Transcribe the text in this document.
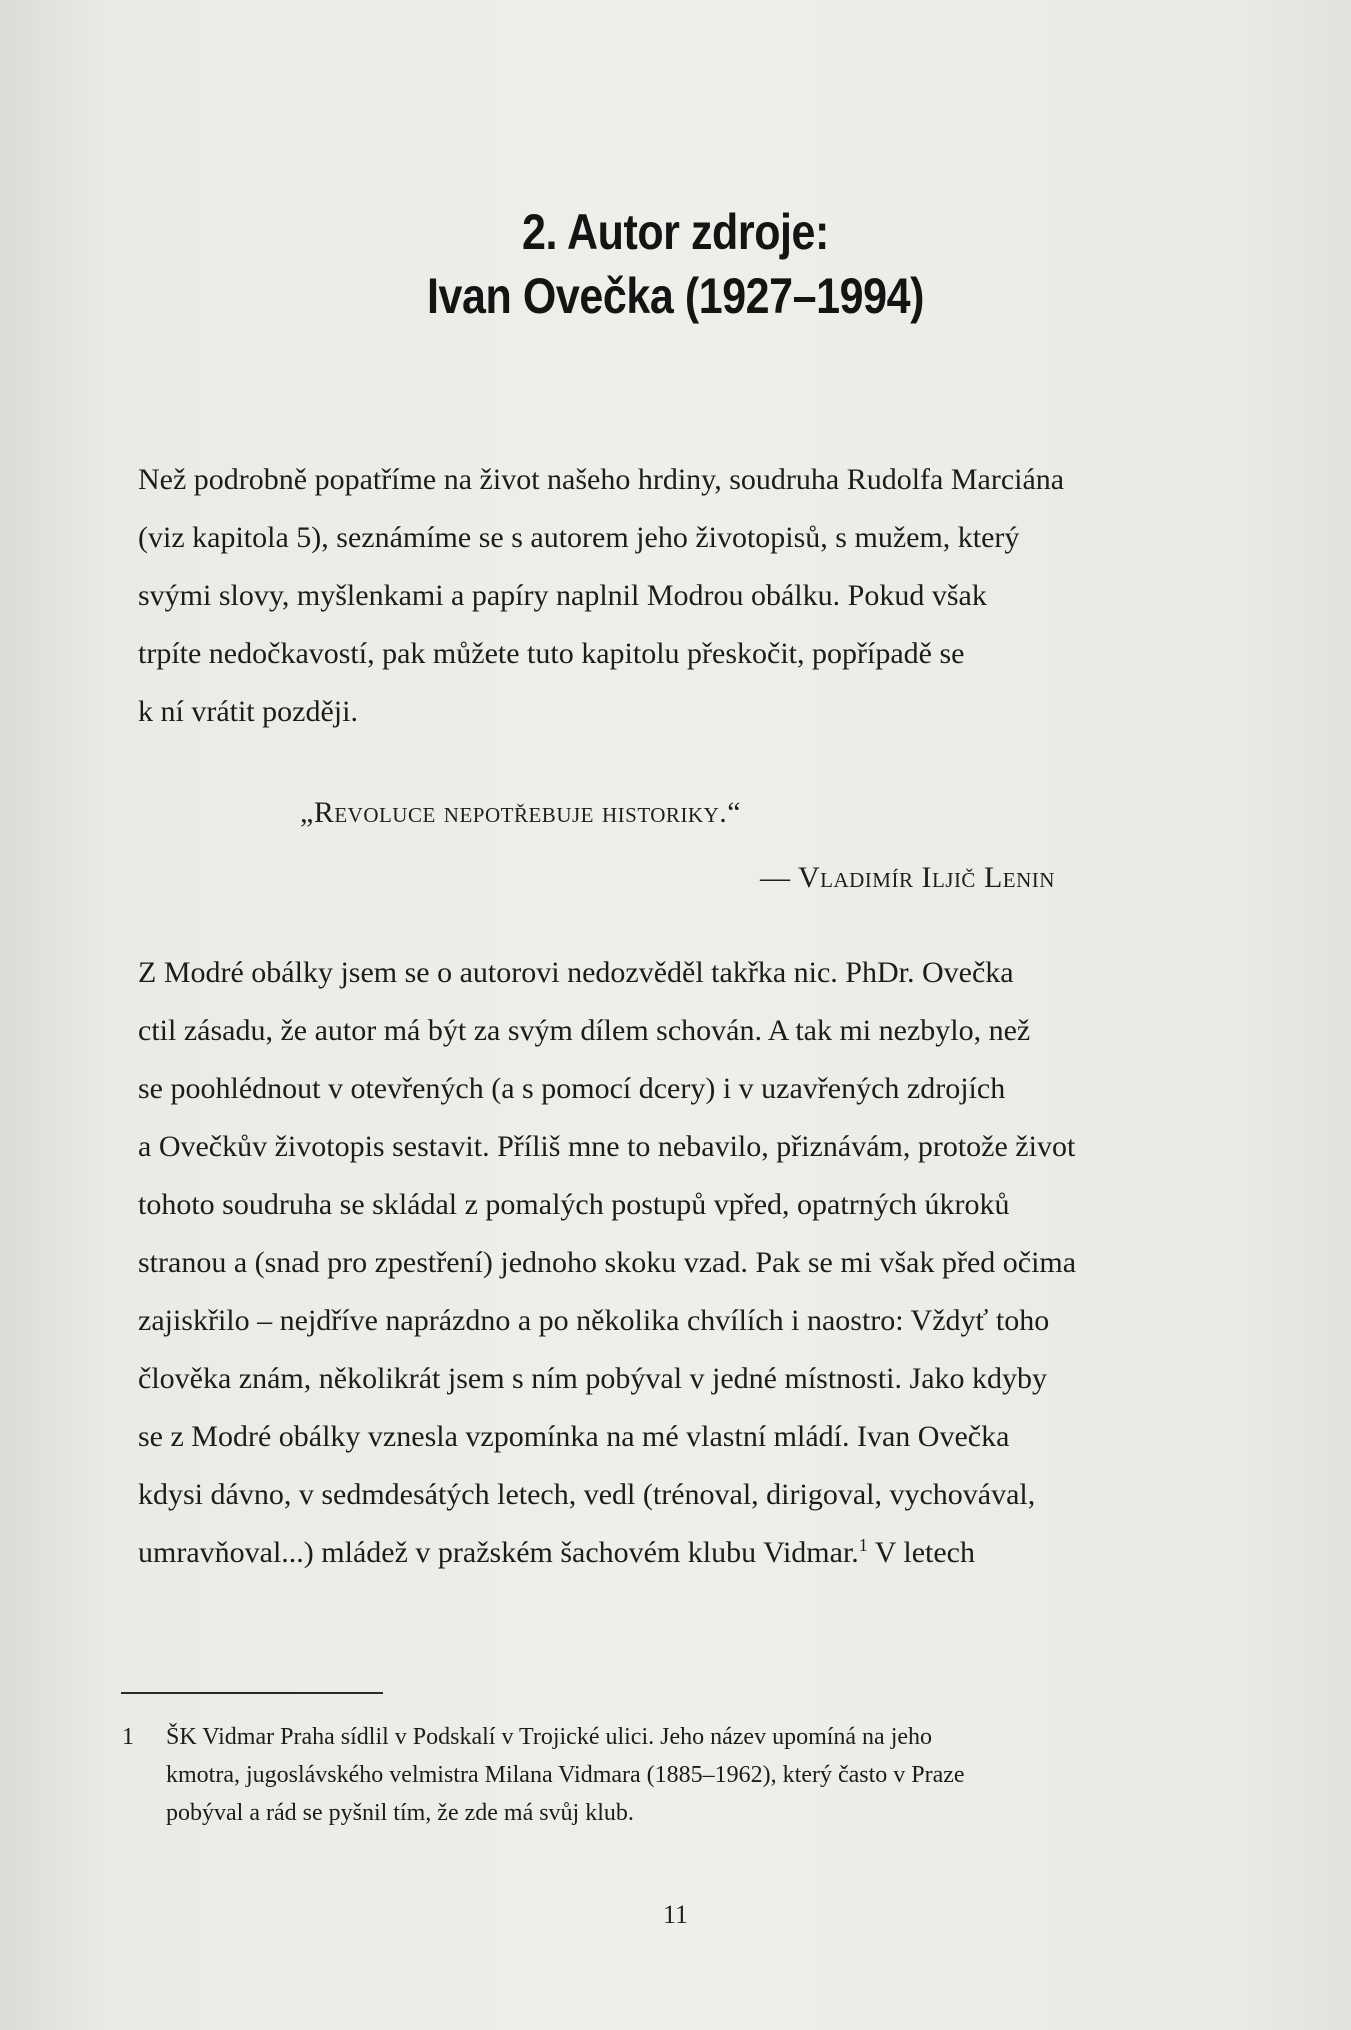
2. Autor zdroje:
Ivan Ovečka (1927–1994)
Než podrobně popatříme na život našeho hrdiny, soudruha Rudolfa Marciána
(viz kapitola 5), seznámíme se s autorem jeho životopisů, s mužem, který
svými slovy, myšlenkami a papíry naplnil Modrou obálku. Pokud však
trpíte nedočkavostí, pak můžete tuto kapitolu přeskočit, popřípadě se
k ní vrátit později.
„Revoluce nepotřebuje historiky.“
— Vladimír Iljič Lenin
Z Modré obálky jsem se o autorovi nedozvěděl takřka nic. PhDr. Ovečka
ctil zásadu, že autor má být za svým dílem schován. A tak mi nezbylo, než
se poohlédnout v otevřených (a s pomocí dcery) i v uzavřených zdrojích
a Ovečkův životopis sestavit. Příliš mne to nebavilo, přiznávám, protože život
tohoto soudruha se skládal z pomalých postupů vpřed, opatrných úkroků
stranou a (snad pro zpestření) jednoho skoku vzad. Pak se mi však před očima
zajiskřilo – nejdříve naprázdno a po několika chvílích i naostro: Vždyť toho
člověka znám, několikrát jsem s ním pobýval v jedné místnosti. Jako kdyby
se z Modré obálky vznesla vzpomínka na mé vlastní mládí. Ivan Ovečka
kdysi dávno, v sedmdesátých letech, vedl (trénoval, dirigoval, vychovával,
umravňoval...) mládež v pražském šachovém klubu Vidmar.$^1$ V letech
1 ŠK Vidmar Praha sídlil v Podskalí v Trojické ulici. Jeho název upomíná na jeho
kmotra, jugoslávského velmistra Milana Vidmara (1885–1962), který často v Praze
pobýval a rád se pyšnil tím, že zde má svůj klub.
11
